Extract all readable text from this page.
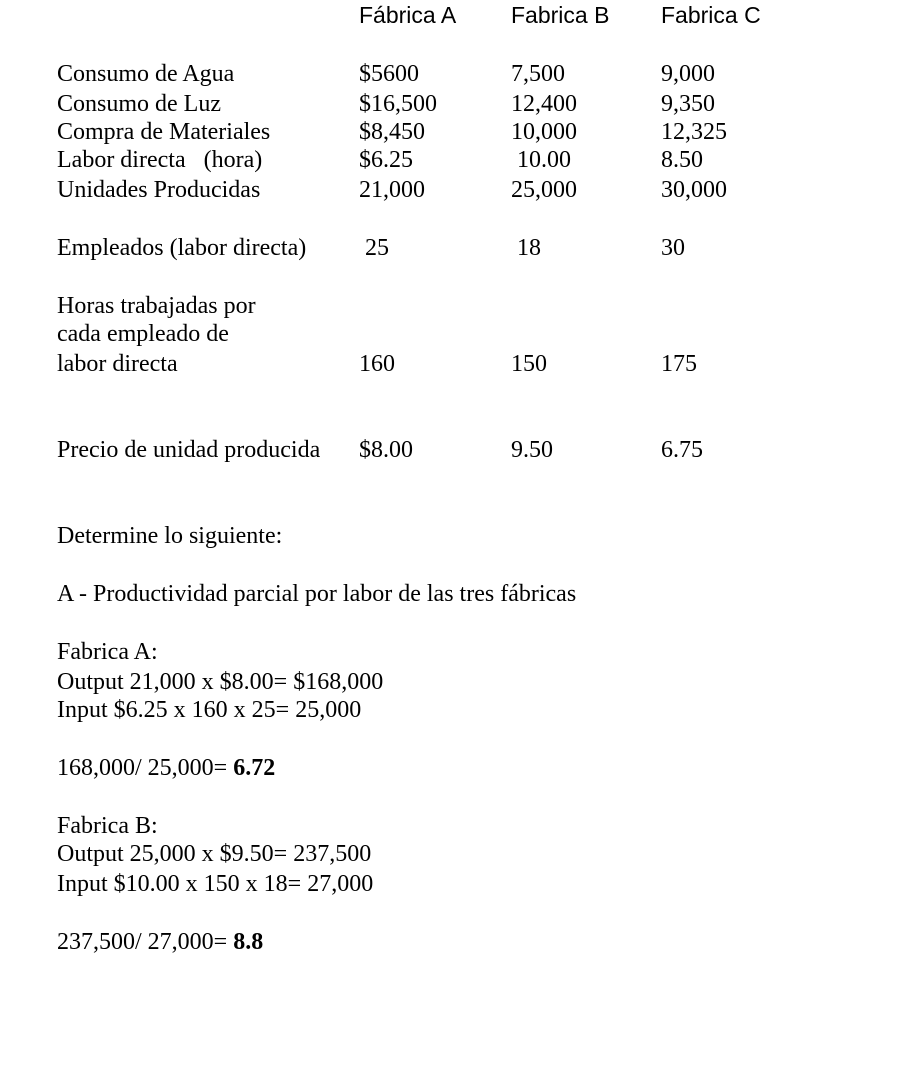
Fábrica A Fabrica B Fabrica C
Consumo de Agua	$5600	7,500	9,000
Consumo de Luz	$16,500	12,400	9,350
Compra de Materiales	$8,450	10,000	12,325
Labor directa   (hora)	$6.25	10.00	8.50
Unidades Producidas	21,000	25,000	30,000
Empleados (labor directa) 25	18	30
Horas trabajadas por
cada empleado de
labor directa	160	150	175
Precio de unidad producida $8.00	9.50	6.75
Determine lo siguiente:
A - Productividad parcial por labor de las tres fábricas
Fabrica A:
Output 21,000 x $8.00= $168,000
Input $6.25 x 160 x 25= 25,000
168,000/ 25,000= 6.72
Fabrica B:
Output 25,000 x $9.50= 237,500
Input $10.00 x 150 x 18= 27,000
237,500/ 27,000= 8.8
